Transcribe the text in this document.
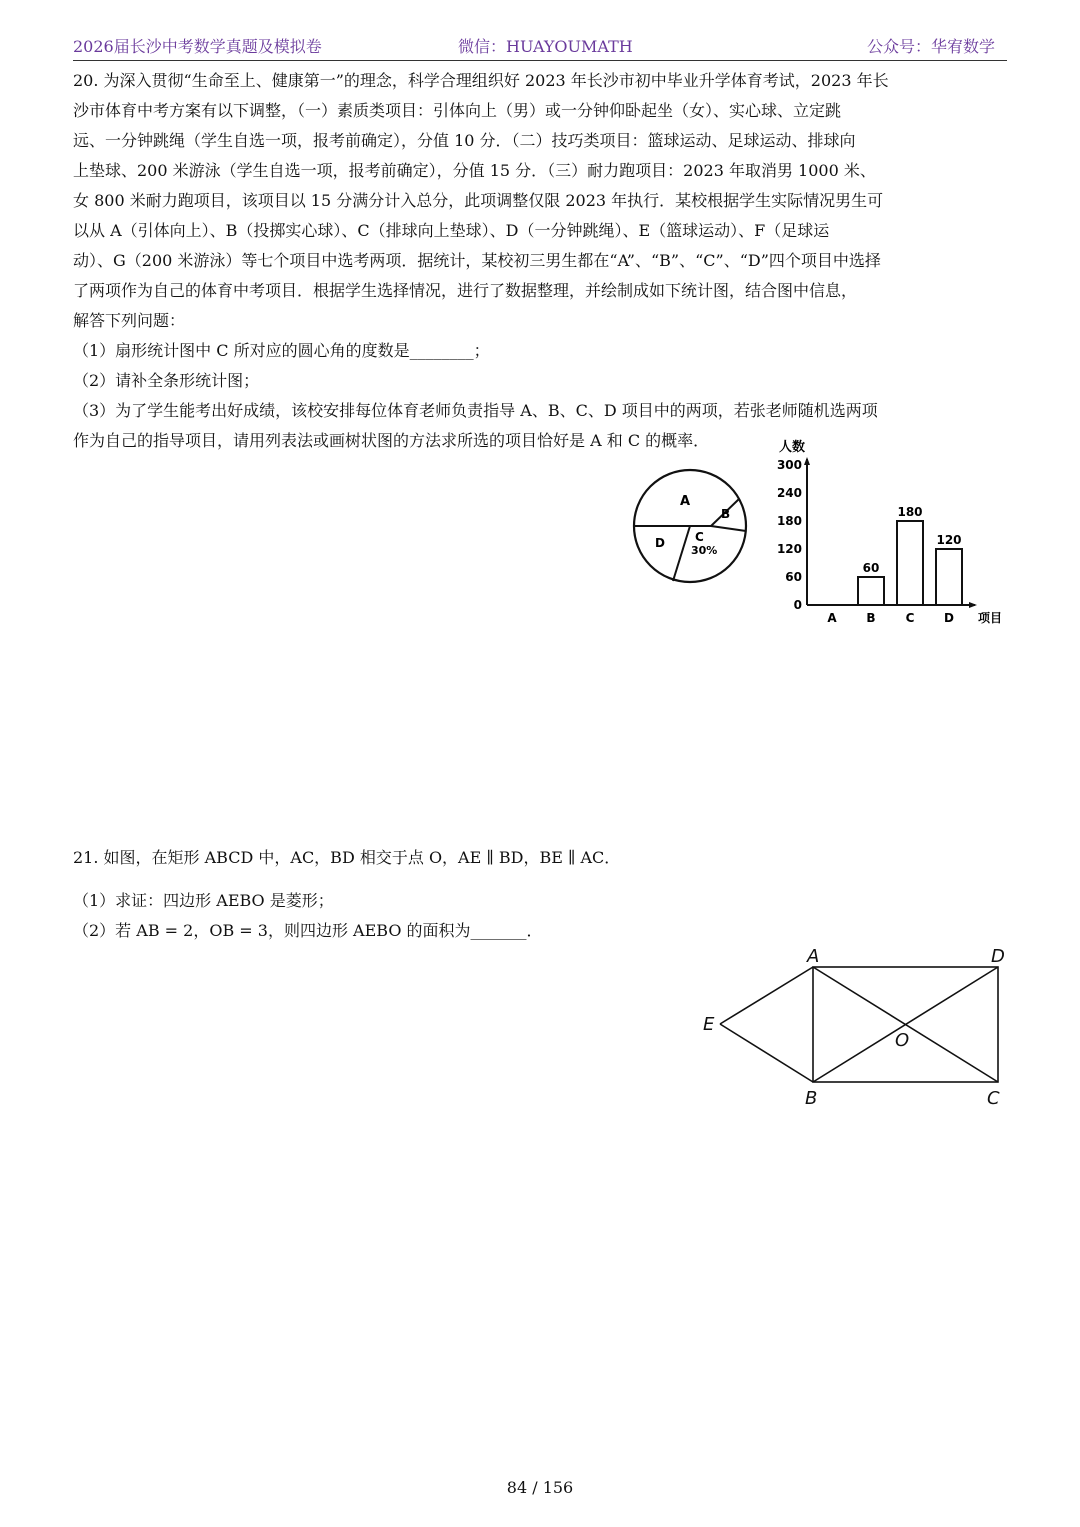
2026届长沙中考数学真题及模拟卷	微信：HUAYOUMATH	公众号：华宥数学

20. 为深入贯彻“生命至上、健康第一”的理念，科学合理组织好 2023 年长沙市初中毕业升学体育考试，2023 年长

沙市体育中考方案有以下调整，（一）素质类项目：引体向上（男）或一分钟仰卧起坐（女）、实心球、立定跳

远、一分钟跳绳（学生自选一项，报考前确定），分值 10 分．（二）技巧类项目：篮球运动、足球运动、排球向

上垫球、200 米游泳（学生自选一项，报考前确定），分值 15 分．（三）耐力跑项目：2023 年取消男 1000 米、

女 800 米耐力跑项目，该项目以 15 分满分计入总分，此项调整仅限 2023 年执行．某校根据学生实际情况男生可

以从 A（引体向上）、B（投掷实心球）、C（排球向上垫球）、D（一分钟跳绳）、E（篮球运动）、F（足球运

动）、G（200 米游泳）等七个项目中选考两项．据统计，某校初三男生都在“A”、“B”、“C”、“D”四个项目中选择

了两项作为自己的体育中考项目．根据学生选择情况，进行了数据整理，并绘制成如下统计图，结合图中信息，

解答下列问题：

（1）扇形统计图中 C 所对应的圆心角的度数是________；

（2）请补全条形统计图；

（3）为了学生能考出好成绩，该校安排每位体育老师负责指导 A、B、C、D 项目中的两项，若张老师随机选两项

作为自己的指导项目，请用列表法或画树状图的方法求所选的项目恰好是 A 和 C 的概率．

A
B
C
30%
D
人数
项目
0
60
120
180
240
300
A B
60
C
180
D
120

21. 如图，在矩形 ABCD 中，AC，BD 相交于点 O，AE ∥ BD，BE ∥ AC．

（1）求证：四边形 AEBO 是菱形；

（2）若 AB = 2，OB = 3，则四边形 AEBO 的面积为_______．

A	D
E
O
B	C
84 / 156
